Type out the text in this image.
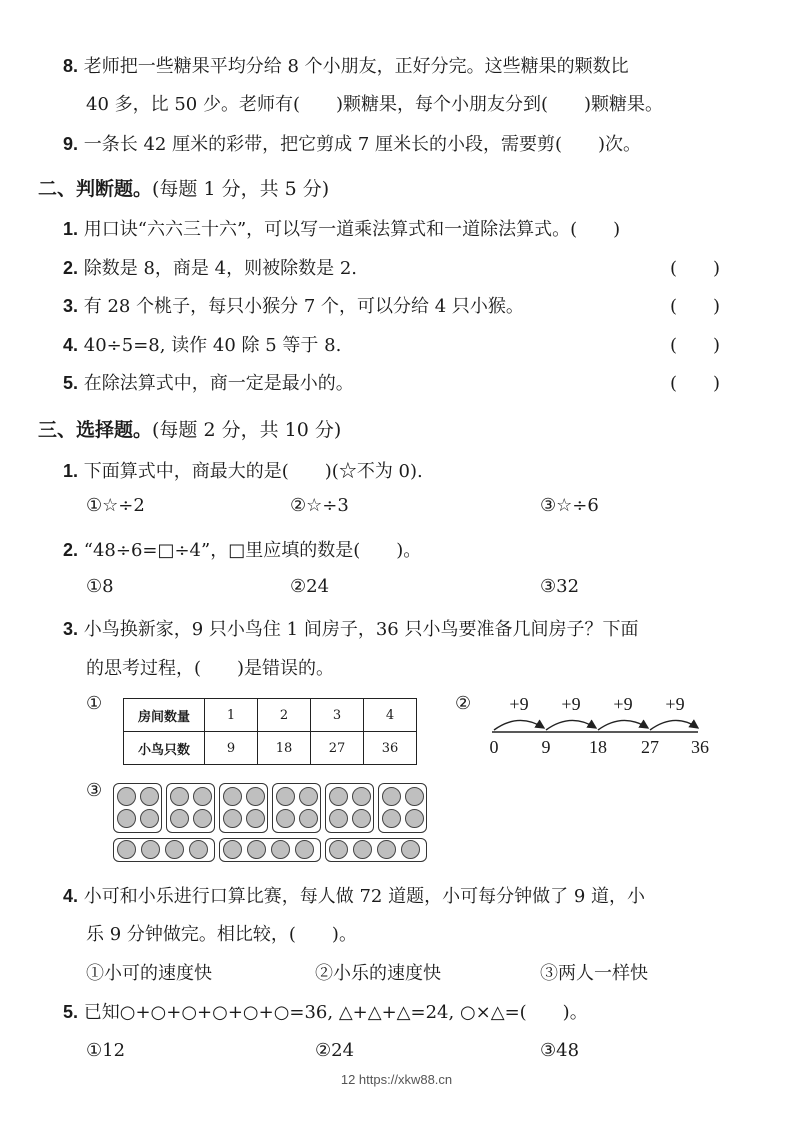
8. 老师把一些糖果平均分给 8 个小朋友，正好分完。这些糖果的颗数比
40 多，比 50 少。老师有(　　)颗糖果，每个小朋友分到(　　)颗糖果。
9. 一条长 42 厘米的彩带，把它剪成 7 厘米长的小段，需要剪(　　)次。
二、判断题。(每题 1 分，共 5 分)
1. 用口诀“六六三十六”，可以写一道乘法算式和一道除法算式。(　　)
2. 除数是 8，商是 4，则被除数是 2.	(　　)
3. 有 28 个桃子，每只小猴分 7 个，可以分给 4 只小猴。	(　　)
4. 40÷5=8, 读作 40 除 5 等于 8.	(　　)
5. 在除法算式中，商一定是最小的。	(　　)
三、选择题。(每题 2 分，共 10 分)
1. 下面算式中，商最大的是(　　)(☆不为 0).
①☆÷2	②☆÷3	③☆÷6
2. “48÷6=□÷4”，□里应填的数是(　　)。
①8	②24	③32
3. 小鸟换新家，9 只小鸟住 1 间房子，36 只小鸟要准备几间房子？下面
的思考过程，(　　)是错误的。
①
房间数量	1	2	3	4
小鸟只数	9	18	27	36
② +9 +9 +9 +9
0 9 18 27 36
③
4. 小可和小乐进行口算比赛，每人做 72 道题，小可每分钟做了 9 道，小
乐 9 分钟做完。相比较，(　　)。
①小可的速度快	②小乐的速度快	③两人一样快
5. 已知○+○+○+○+○+○=36, △+△+△=24, ○×△=(　　)。
①12	②24	③48
12 https://xkw88.cn
